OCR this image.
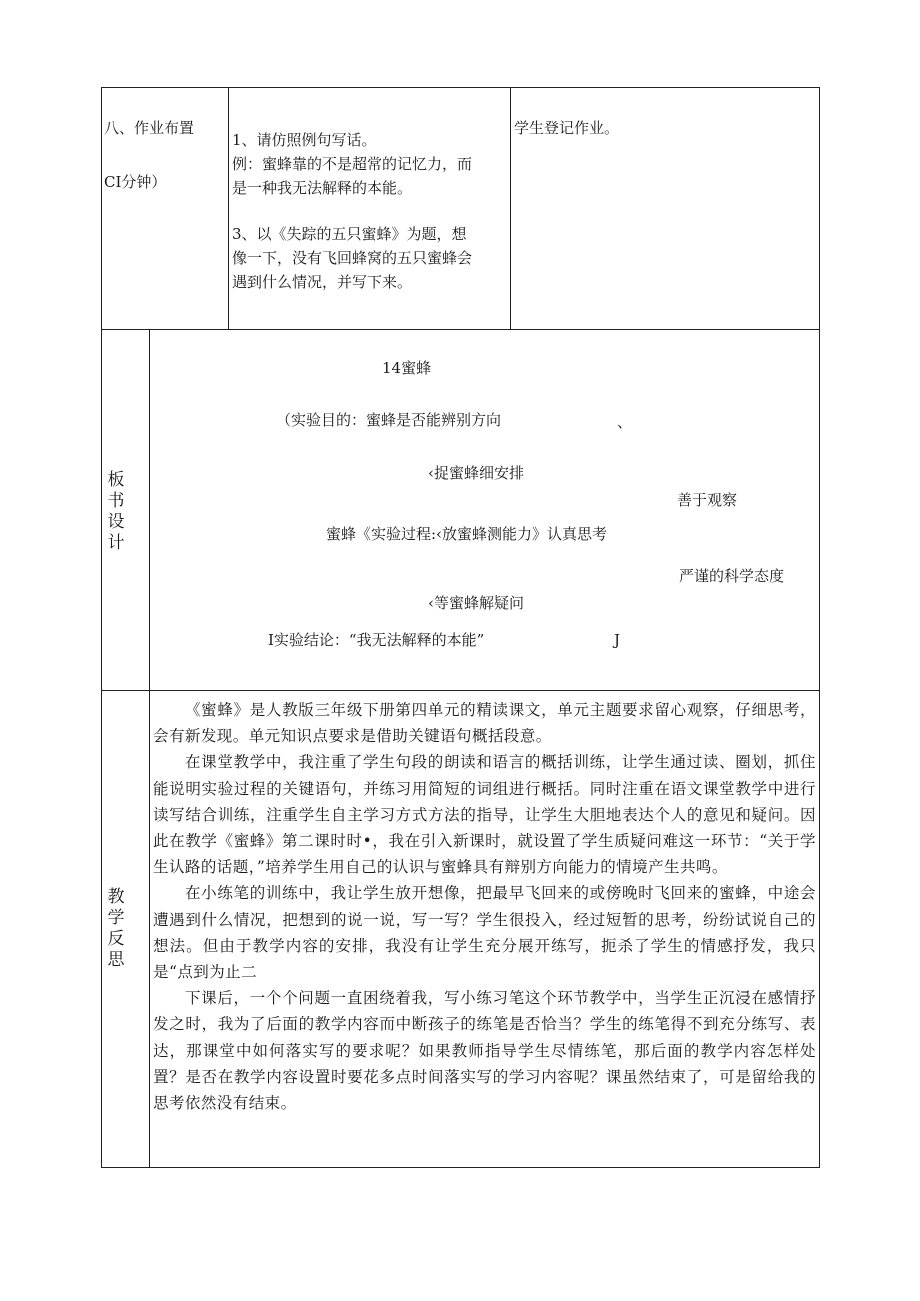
八、作业布置
CI分钟）
1、请仿照例句写话。
例：蜜蜂靠的不是超常的记忆力，而
是一种我无法解释的本能。
3、以《失踪的五只蜜蜂》为题，想
像一下，没有飞回蜂窝的五只蜜蜂会
遇到什么情况，并写下来。
学生登记作业。
板
书
设
计
14蜜蜂
（实验目的：蜜蜂是否能辨别方向	、
‹捉蜜蜂细安排
善于观察
蜜蜂《实验过程:‹放蜜蜂测能力》认真思考
严谨的科学态度
‹等蜜蜂解疑问
I实验结论：“我无法解释的本能”	J
教
学
反
思

《蜜蜂》是人教版三年级下册第四单元的精读课文，单元主题要求留心观察，仔细思考，会有新发现。单元知识点要求是借助关键语句概括段意。

在课堂教学中，我注重了学生句段的朗读和语言的概括训练，让学生通过读、圈划，抓住能说明实验过程的关键语句，并练习用简短的词组进行概括。同时注重在语文课堂教学中进行读写结合训练，注重学生自主学习方式方法的指导，让学生大胆地表达个人的意见和疑问。因此在教学《蜜蜂》第二课时时•，我在引入新课时，就设置了学生质疑问难这一环节：“关于学生认路的话题，”培养学生用自己的认识与蜜蜂具有辩别方向能力的情境产生共鸣。

在小练笔的训练中，我让学生放开想像，把最早飞回来的或傍晚时飞回来的蜜蜂，中途会遭遇到什么情况，把想到的说一说，写一写？学生很投入，经过短暂的思考，纷纷试说自己的想法。但由于教学内容的安排，我没有让学生充分展开练写，扼杀了学生的情感抒发，我只是“点到为止二

下课后，一个个问题一直困绕着我，写小练习笔这个环节教学中，当学生正沉浸在感情抒发之时，我为了后面的教学内容而中断孩子的练笔是否恰当？学生的练笔得不到充分练写、表达，那课堂中如何落实写的要求呢？如果教师指导学生尽情练笔，那后面的教学内容怎样处置？是否在教学内容设置时要花多点时间落实写的学习内容呢？课虽然结束了，可是留给我的思考依然没有结束。
